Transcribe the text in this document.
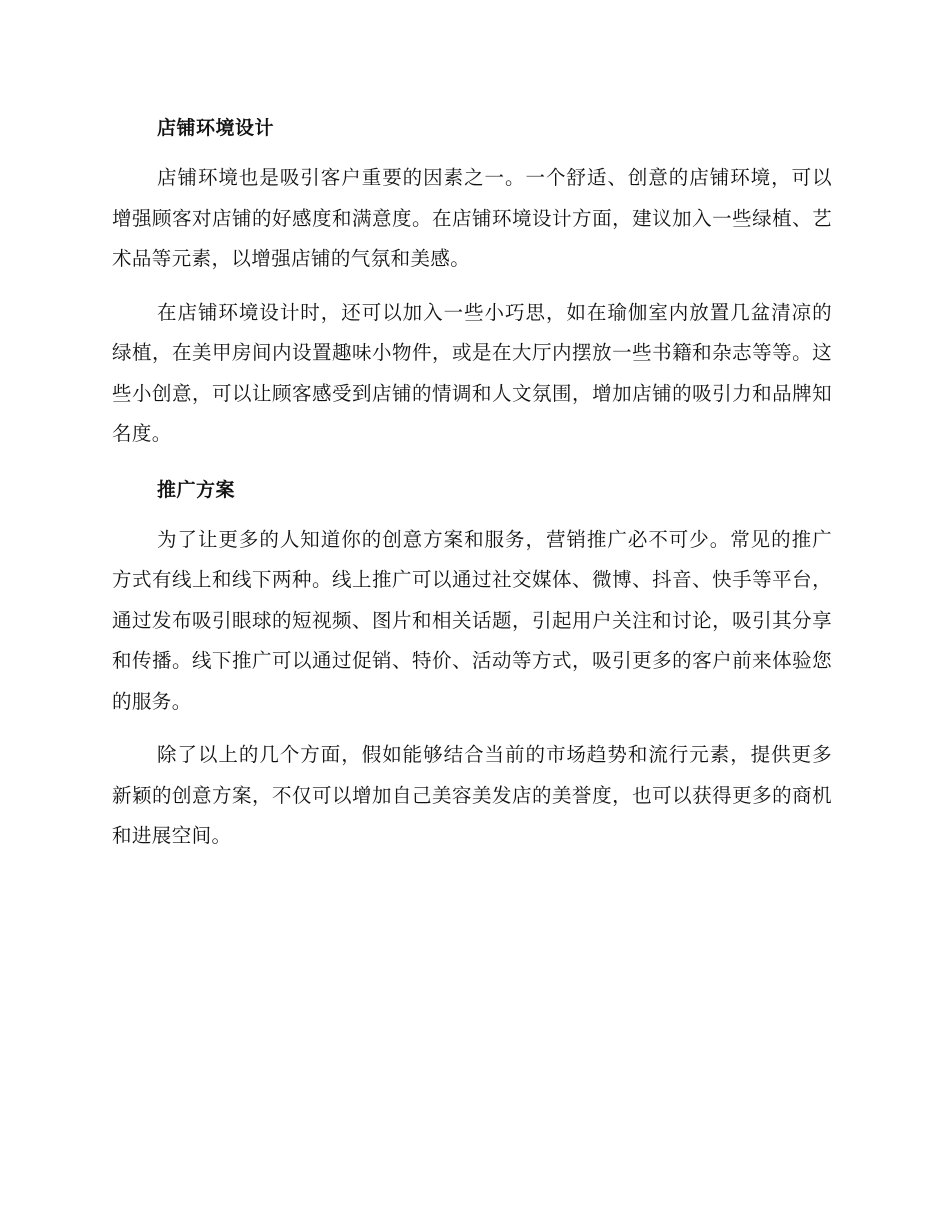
店铺环境设计

店铺环境也是吸引客户重要的因素之一。一个舒适、创意的店铺环境，可以增强顾客对店铺的好感度和满意度。在店铺环境设计方面，建议加入一些绿植、艺术品等元素，以增强店铺的气氛和美感。

在店铺环境设计时，还可以加入一些小巧思，如在瑜伽室内放置几盆清凉的绿植，在美甲房间内设置趣味小物件，或是在大厅内摆放一些书籍和杂志等等。这些小创意，可以让顾客感受到店铺的情调和人文氛围，增加店铺的吸引力和品牌知名度。

推广方案

为了让更多的人知道你的创意方案和服务，营销推广必不可少。常见的推广方式有线上和线下两种。线上推广可以通过社交媒体、微博、抖音、快手等平台，通过发布吸引眼球的短视频、图片和相关话题，引起用户关注和讨论，吸引其分享和传播。线下推广可以通过促销、特价、活动等方式，吸引更多的客户前来体验您的服务。

除了以上的几个方面，假如能够结合当前的市场趋势和流行元素，提供更多新颖的创意方案，不仅可以增加自己美容美发店的美誉度，也可以获得更多的商机和进展空间。
